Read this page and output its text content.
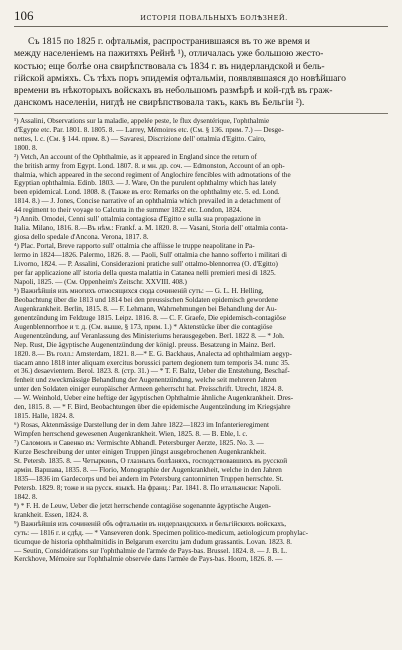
106	ИСТОРІЯ ПОВАЛЬНЫХЪ БОЛѢЗНЕЙ.

Съ 1815 по 1825 г. офтальмія, распространившаяся въ то же время и

между населеніемъ на пажитяхъ Рейнѣ ¹), отличалась уже большою жесто-

костью; еще болѣе она свирѣпствовала съ 1834 г. въ нидерландской и бель-

гійской арміяхъ. Съ тѣхъ поръ эпидемія офтальміи, появлявшаяся до новѣйшаго

времени въ нѣкоторыхъ войскахъ въ небольшомъ размѣрѣ и кой-гдѣ въ граж-

данскомъ населеніи, нигдѣ не свирѣпствовала такъ, какъ въ Бельгіи ²).

¹) Assalini, Observations sur la maladie, appelée peste, le flux dysentérique, l'ophthalmie

d'Égypte etc. Par. 1801. 8. 1805. 8. — Larrey, Mémoires etc. (См. § 136. прим. 7.) — Desge-

nettes, l. c. (См. § 144. прим. 8.) — Savaresi, Discrizione dell' ottalmia d'Egitto. Cairo,

1800. 8.

²) Vetch, An account of the Ophthalmie, as it appeared in England since the return of

the british army from Egypt. Lond. 1807. 8. и мн. др. соч. — Edmonston, Account of an oph-

thalmia, which appeared in the second regiment of Anglochire fencibles with admotations of the

Egyptian ophthalmia. Edinb. 1803. — J. Ware, On the purulent ophthalmy which has lately

been epidemical. Lond. 1808. 8. (Также въ его: Remarks on the ophthalmy etc. 5. ed. Lond.

1814. 8.) — J. Jones, Concise narrative of an ophthalmia which prevailed in a detachment of

44 regiment to their voyage to Calcutta in the summer 1822 etc. London, 1824.

³) Annib. Omodei, Cenni sull' ottalmia contagiosa d'Egitto e sulla sua propagazione in

Italia. Milano, 1816. 8.—Въ нѣм.: Frankf. a. M. 1820. 8. — Vasani, Storia dell' ottalmia conta-

giosa dello spedale d'Ancona. Verona, 1817. 8.

⁴) Plac. Portal, Breve rapporto sull' ottalmia che affiisse le truppe neapolitane in Pa-

lermo in 1824—1826. Palermo, 1826. 8. — Paoli, Sull' ottalmia che hanno sofferto i militari di

Livorno, 1824. — P. Assalini, Considerazioni pratiche sull' ottalmo-blennorrea (O. d'Egitto)

per far applicazione all' istoria della questa malattia in Catanea nelli premieri mesi di 1825.

Napoli, 1825. — (См. Oppenheim's Zeitschr. XXVIII. 408.)

⁵) Важнѣйшія изъ многихъ относящихся сюда сочиненій суть: — G. L. H. Helling,

Beobachtung über die 1813 und 1814 bei den preussischen Soldaten epidemisch gewordene

Augenkrankheit. Berlin, 1815. 8. — F. Lehmann, Wahrnehmungen bei Behandlung der Au-

genentzündung im Feldzuge 1815. Leipz. 1816. 8. — C. F. Graefe, Die epidemisch-contagiöse

Augenblennorrhoe и т. д. (См. выше, § 173, прим. 1.) * Aktenstücke über die contagiöse

Augenentzündung, auf Veranlassung des Ministeriums herausgegeben. Berl. 1822 8. — * Joh.

Nep. Rust, Die ägyptische Augenentzündung der königl. preuss. Besatzung in Mainz. Berl.

1820. 8.— Въ голл.: Amsterdam, 1821. 8.—* E. G. Backhaus, Analecta ad ophthalmiam aegyp-

tiacam anno 1818 inter aliquam exercitus borussici partem degionem tum temporis 34. nunc 35.

et 36.) desaevientem. Berol. 1823. 8. (стр. 31.) — * T. F. Baltz, Ueber die Entstehung, Beschaf-

fenheit und zweckmässige Behandlung der Augenentzündung, welche seit mehreren Jahren

unter den Soldaten einiger europäischer Armeen geherrscht hat. Preisschrift. Utrecht, 1824. 8.

— W. Weinhold, Ueber eine heftige der ägyptischen Ophthalmie ähnliche Augenkrankheit. Dres-

den, 1815. 8. — * F. Bird, Beobachtungen über die epidemische Augentzündung im Kriegsjahre

1815. Halle, 1824. 8.

⁶) Rosas, Aktenmässige Darstellung der in dem Jahre 1822—1823 im Infanterieregiment

Wimpfen herrschend gewesenen Augenkrankheit. Wien, 1825. 8. — B. Eble, l. c.

⁷) Саломонъ и Савенко въ: Vermischte Abhandl. Petersburger Aerzte, 1825. No. 3. —

Kurze Beschreibung der unter einigen Truppen jüngst ausgebrochenen Augenkrankheit.

St. Petersb. 1835. 8. — Четыркинъ, О глазныхъ болѣзняхъ, господствовавшихъ въ русской

арміи. Варшава, 1835. 8. — Florio, Monographie der Augenkrankheit, welche in den Jahren

1835—1836 im Gardecorps und bei andern im Petersburg cantonnirten Truppen herrschte. St.

Petersb. 1829. 8; тоже и на русск. языкѣ. На франц.: Par. 1841. 8. По итальянски: Napoli.

1842. 8.

⁸) * F. H. de Leuw, Ueber die jetzt herrschende contagiöse sogenannte ägyptische Augen-

krankheit. Essen, 1824. 8.

⁹) Важнѣйшія изъ сочиненій объ офтальміи въ нидерландскихъ и бельгійскихъ войскахъ,

суть: — 1816 г. и сдѣд. — * Vanseveren donk. Specimen politico-medicum, aetiologicum prophylac-

ticumque de historia ophthalmitidis in Belgarum exercitu jam dudum grassantis. Lovan. 1823. 8.

— Seutin, Considérations sur l'ophthalmie de l'armée de Pays-bas. Brussel. 1824. 8. — J. B. L.

Kerckhove, Mémoire sur l'ophthalmie observée dans l'armée de Pays-bas. Hoorn, 1826. 8. —
